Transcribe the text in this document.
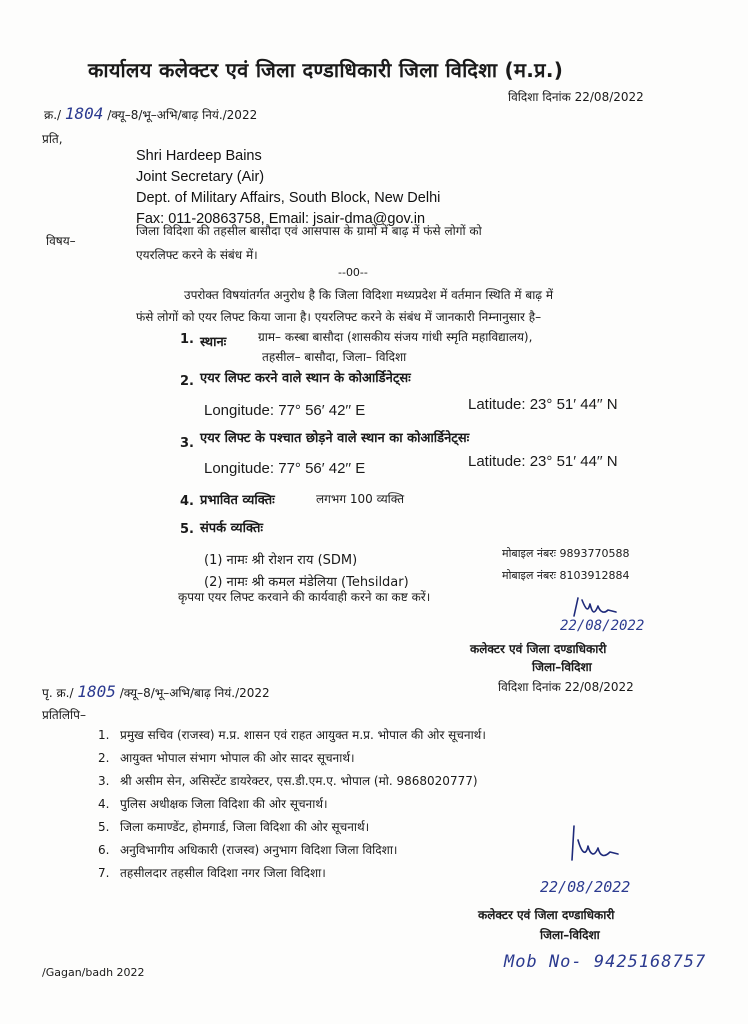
कार्यालय कलेक्टर एवं जिला दण्डाधिकारी जिला विदिशा (म.प्र.)
क्र./ 1804 /क्यू–8/भू–अभि/बाढ़ नियं./2022
विदिशा दिनांक 22/08/2022
प्रति,
Shri Hardeep Bains
Joint Secretary (Air)
Dept. of Military Affairs, South Block, New Delhi
Fax: 011-20863758, Email: jsair-dma@gov.in
विषय–
जिला विदिशा की तहसील बासौदा एवं आसपास के ग्रामों में बाढ़ में फंसे लोगों को
एयरलिफ्ट करने के संबंध में।
--00--
उपरोक्त विषयांतर्गत अनुरोध है कि जिला विदिशा मध्यप्रदेश में वर्तमान स्थिति में बाढ़ में
फंसे लोगों को एयर लिफ्ट किया जाना है। एयरलिफ्ट करने के संबंध में जानकारी निम्नानुसार है–
1. स्थानः	ग्राम– कस्बा बासौदा (शासकीय संजय गांधी स्मृति महाविद्यालय),
तहसील– बासौदा, जिला– विदिशा
2. एयर लिफ्ट करने वाले स्थान के कोआर्डिनेट्सः
Longitude: 77° 56′ 42′′ E	Latitude: 23° 51′ 44′′ N
3. एयर लिफ्ट के पश्चात छोड़ने वाले स्थान का कोआर्डिनेट्सः
Longitude: 77° 56′ 42′′ E	Latitude: 23° 51′ 44′′ N
4. प्रभावित व्यक्तिः	लगभग 100 व्यक्ति
5. संपर्क व्यक्तिः
(1) नामः श्री रोशन राय (SDM)	मोबाइल नंबरः 9893770588
(2) नामः श्री कमल मंडेलिया (Tehsildar)	मोबाइल नंबरः 8103912884
कृपया एयर लिफ्ट करवाने की कार्यवाही करने का कष्ट करें।
22/08/2022
कलेक्टर एवं जिला दण्डाधिकारी
जिला–विदिशा
पृ. क्र./ 1805 /क्यू–8/भू–अभि/बाढ़ नियं./2022	विदिशा दिनांक 22/08/2022
प्रतिलिपि–
1. प्रमुख सचिव (राजस्व) म.प्र. शासन एवं राहत आयुक्त म.प्र. भोपाल की ओर सूचनार्थ।
2. आयुक्त भोपाल संभाग भोपाल की ओर सादर सूचनार्थ।
3. श्री असीम सेन, असिस्टेंट डायरेक्टर, एस.डी.एम.ए. भोपाल (मो. 9868020777)
4. पुलिस अधीक्षक जिला विदिशा की ओर सूचनार्थ।
5. जिला कमाण्डेंट, होमगार्ड, जिला विदिशा की ओर सूचनार्थ।
6. अनुविभागीय अधिकारी (राजस्व) अनुभाग विदिशा जिला विदिशा।
7. तहसीलदार तहसील विदिशा नगर जिला विदिशा।
22/08/2022
कलेक्टर एवं जिला दण्डाधिकारी
जिला–विदिशा
/Gagan/badh 2022
Mob No- 9425168757
